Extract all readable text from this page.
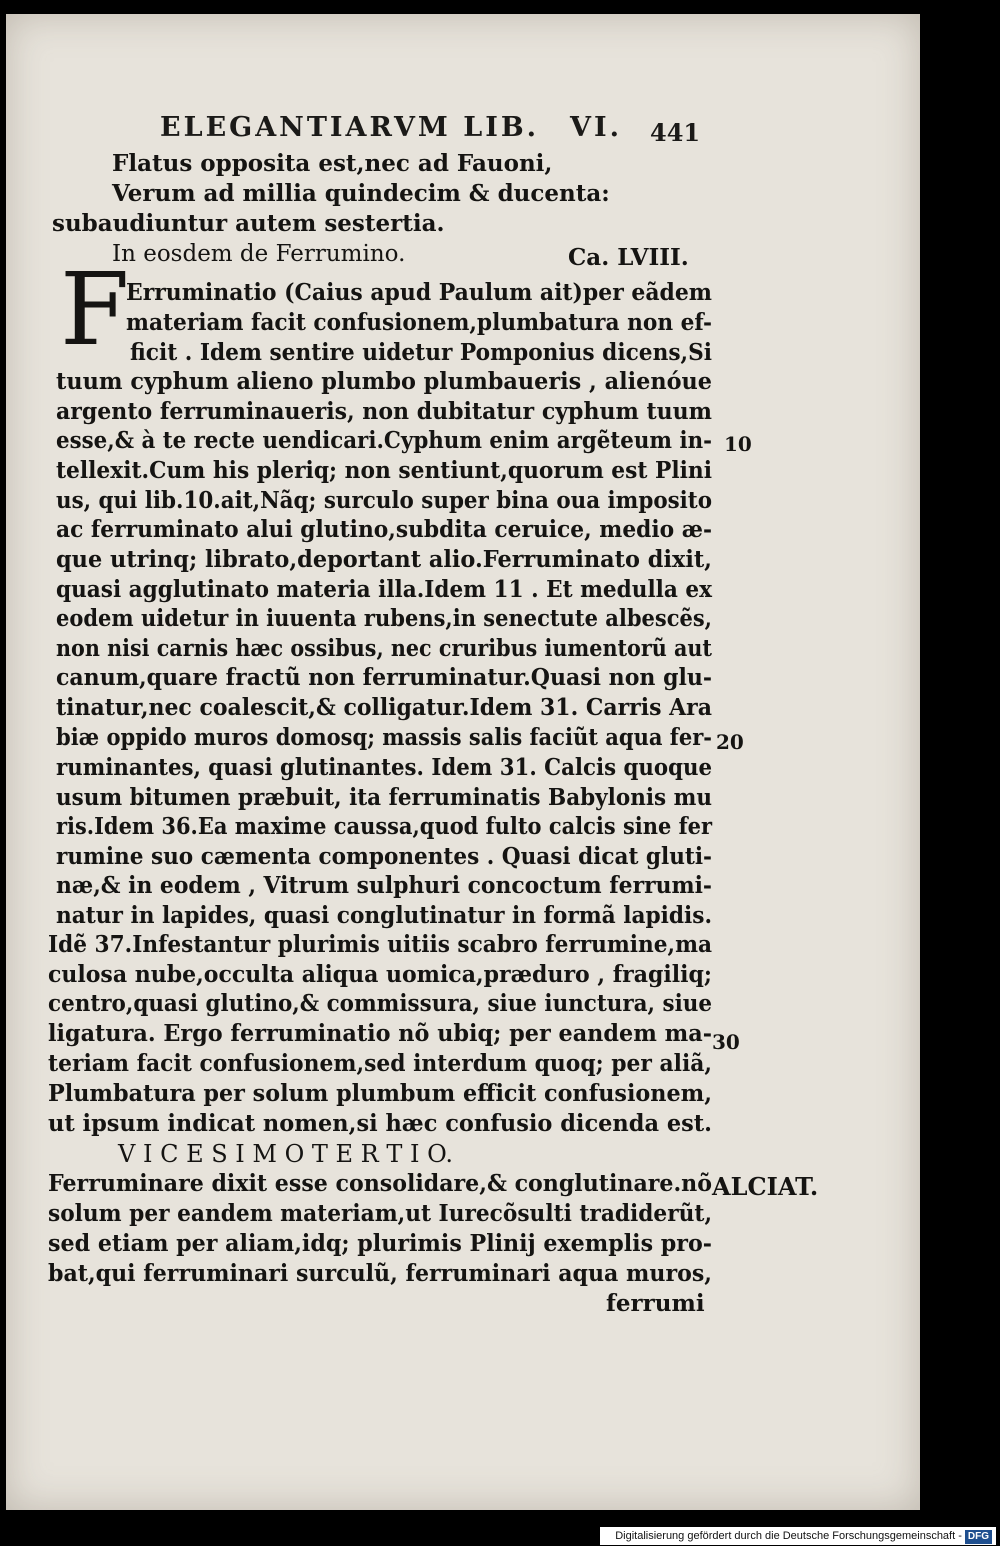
ELEGANTIARVM LIB. VI. 441
F
Flatus opposita est,nec ad Fauoni,
Verum ad millia quindecim & ducenta:
subaudiuntur autem sestertia.
In eosdem de Ferrumino.	Ca. LVIII.
Erruminatio (Caius apud Paulum ait)per eãdem
materiam facit confusionem,plumbatura non ef-
ficit . Idem sentire uidetur Pomponius dicens,Si
tuum cyphum alieno plumbo plumbaueris , alienóue
argento ferruminaueris, non dubitatur cyphum tuum
esse,& à te recte uendicari.Cyphum enim argẽteum in-
tellexit.Cum his pleriq; non sentiunt,quorum est Plini
us, qui lib.10.ait,Nãq; surculo super bina oua imposito
ac ferruminato alui glutino,subdita ceruice, medio æ-
que utrinq; librato,deportant alio.Ferruminato dixit,
quasi agglutinato materia illa.Idem 11 . Et medulla ex
eodem uidetur in iuuenta rubens,in senectute albescẽs,
non nisi carnis hæc ossibus, nec cruribus iumentorũ aut
canum,quare fractũ non ferruminatur.Quasi non glu-
tinatur,nec coalescit,& colligatur.Idem 31. Carris Ara
biæ oppido muros domosq; massis salis faciũt aqua fer-
ruminantes, quasi glutinantes. Idem 31. Calcis quoque
usum bitumen præbuit, ita ferruminatis Babylonis mu
ris.Idem 36.Ea maxime caussa,quod fulto calcis sine fer
rumine suo cæmenta componentes . Quasi dicat gluti-
næ,& in eodem , Vitrum sulphuri concoctum ferrumi-
natur in lapides, quasi conglutinatur in formã lapidis.
Idẽ 37.Infestantur plurimis uitiis scabro ferrumine,ma
culosa nube,occulta aliqua uomica,præduro , fragiliq;
centro,quasi glutino,& commissura, siue iunctura, siue
ligatura. Ergo ferruminatio nõ ubiq; per eandem ma-
teriam facit confusionem,sed interdum quoq; per aliã,
Plumbatura per solum plumbum efficit confusionem,
ut ipsum indicat nomen,si hæc confusio dicenda est.
V I C E S I M O T E R T I O.
Ferruminare dixit esse consolidare,& conglutinare.nõ
solum per eandem materiam,ut Iurecõsulti tradiderũt,
sed etiam per aliam,idq; plurimis Plinij exemplis pro-
bat,qui ferruminari surculũ, ferruminari aqua muros,
ferrumi
10
20
30
ALCIAT.
Digitalisierung gefördert durch die Deutsche Forschungsgemeinschaft - DFG
